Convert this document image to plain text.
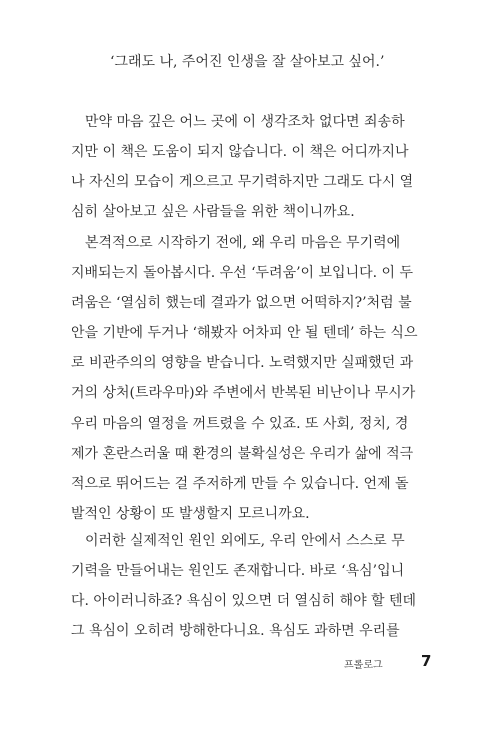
‘그래도 나, 주어진 인생을 잘 살아보고 싶어.’
만약 마음 깊은 어느 곳에 이 생각조차 없다면 죄송하
지만 이 책은 도움이 되지 않습니다. 이 책은 어디까지나
나 자신의 모습이 게으르고 무기력하지만 그래도 다시 열
심히 살아보고 싶은 사람들을 위한 책이니까요.
본격적으로 시작하기 전에, 왜 우리 마음은 무기력에
지배되는지 돌아봅시다. 우선 ‘두려움’이 보입니다. 이 두
려움은 ‘열심히 했는데 결과가 없으면 어떡하지?’처럼 불
안을 기반에 두거나 ‘해봤자 어차피 안 될 텐데’ 하는 식으
로 비관주의의 영향을 받습니다. 노력했지만 실패했던 과
거의 상처(트라우마)와 주변에서 반복된 비난이나 무시가
우리 마음의 열정을 꺼트렸을 수 있죠. 또 사회, 정치, 경
제가 혼란스러울 때 환경의 불확실성은 우리가 삶에 적극
적으로 뛰어드는 걸 주저하게 만들 수 있습니다. 언제 돌
발적인 상황이 또 발생할지 모르니까요.
이러한 실제적인 원인 외에도, 우리 안에서 스스로 무
기력을 만들어내는 원인도 존재합니다. 바로 ‘욕심’입니
다. 아이러니하죠? 욕심이 있으면 더 열심히 해야 할 텐데
그 욕심이 오히려 방해한다니요. 욕심도 과하면 우리를
프롤로그	7
